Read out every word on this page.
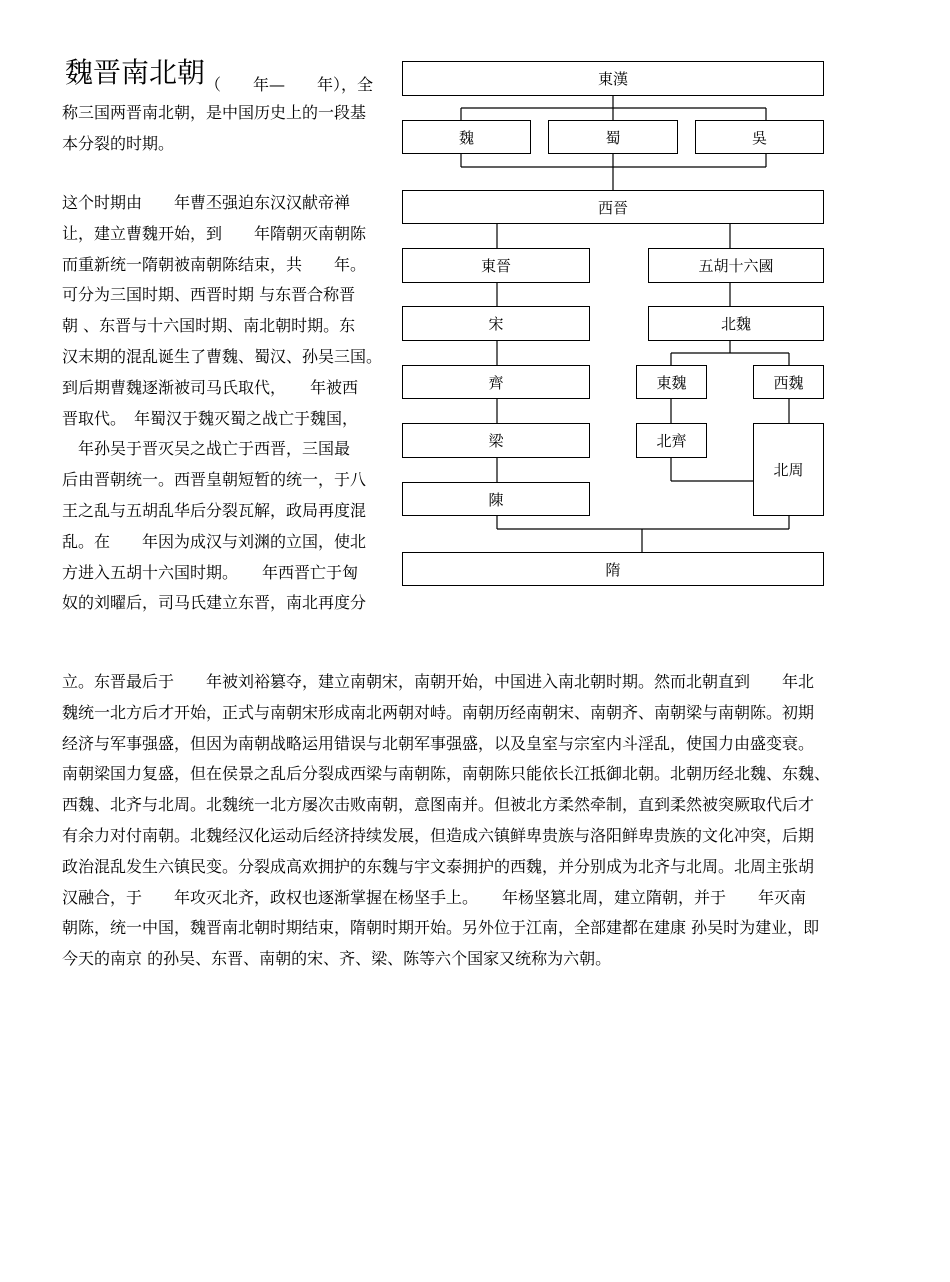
魏晋南北朝$_{( 年— 年),全}$
称三国两晋南北朝，是中国历史上的一段基
本分裂的时期。
这个时期由　　年曹丕强迫东汉汉献帝禅
让，建立曹魏开始，到　　年隋朝灭南朝陈
而重新统一隋朝被南朝陈结束，共　　年。
可分为三国时期、西晋时期 与东晋合称晋
朝 、东晋与十六国时期、南北朝时期。东
汉末期的混乱诞生了曹魏、蜀汉、孙吴三国。
到后期曹魏逐渐被司马氏取代，　　年被西
晋取代。　年蜀汉于魏灭蜀之战亡于魏国，
　年孙吴于晋灭吴之战亡于西晋，三国最
后由晋朝统一。西晋皇朝短暂的统一，于八
王之乱与五胡乱华后分裂瓦解，政局再度混
乱。在　　年因为成汉与刘渊的立国，使北
方进入五胡十六国时期。　　年西晋亡于匈
奴的刘曜后，司马氏建立东晋，南北再度分
立。东晋最后于　　年被刘裕篡夺，建立南朝宋，南朝开始，中国进入南北朝时期。然而北朝直到　　年北
魏统一北方后才开始，正式与南朝宋形成南北两朝对峙。南朝历经南朝宋、南朝齐、南朝梁与南朝陈。初期
经济与军事强盛，但因为南朝战略运用错误与北朝军事强盛，以及皇室与宗室内斗淫乱，使国力由盛变衰。
南朝梁国力复盛，但在侯景之乱后分裂成西梁与南朝陈，南朝陈只能依长江抵御北朝。北朝历经北魏、东魏、
西魏、北齐与北周。北魏统一北方屡次击败南朝，意图南并。但被北方柔然牵制，直到柔然被突厥取代后才
有余力对付南朝。北魏经汉化运动后经济持续发展，但造成六镇鲜卑贵族与洛阳鲜卑贵族的文化冲突，后期
政治混乱发生六镇民变。分裂成高欢拥护的东魏与宇文泰拥护的西魏，并分别成为北齐与北周。北周主张胡
汉融合，于　　年攻灭北齐，政权也逐渐掌握在杨坚手上。　　年杨坚篡北周，建立隋朝，并于　　年灭南
朝陈，统一中国，魏晋南北朝时期结束，隋朝时期开始。另外位于江南，全部建都在建康 孙吴时为建业，即
今天的南京 的孙吴、东晋、南朝的宋、齐、梁、陈等六个国家又统称为六朝。
東漢
魏	蜀	吳
西晉
東晉	五胡十六國
宋	北魏
齊	東魏	西魏
梁	北齊
北周
陳
隋
